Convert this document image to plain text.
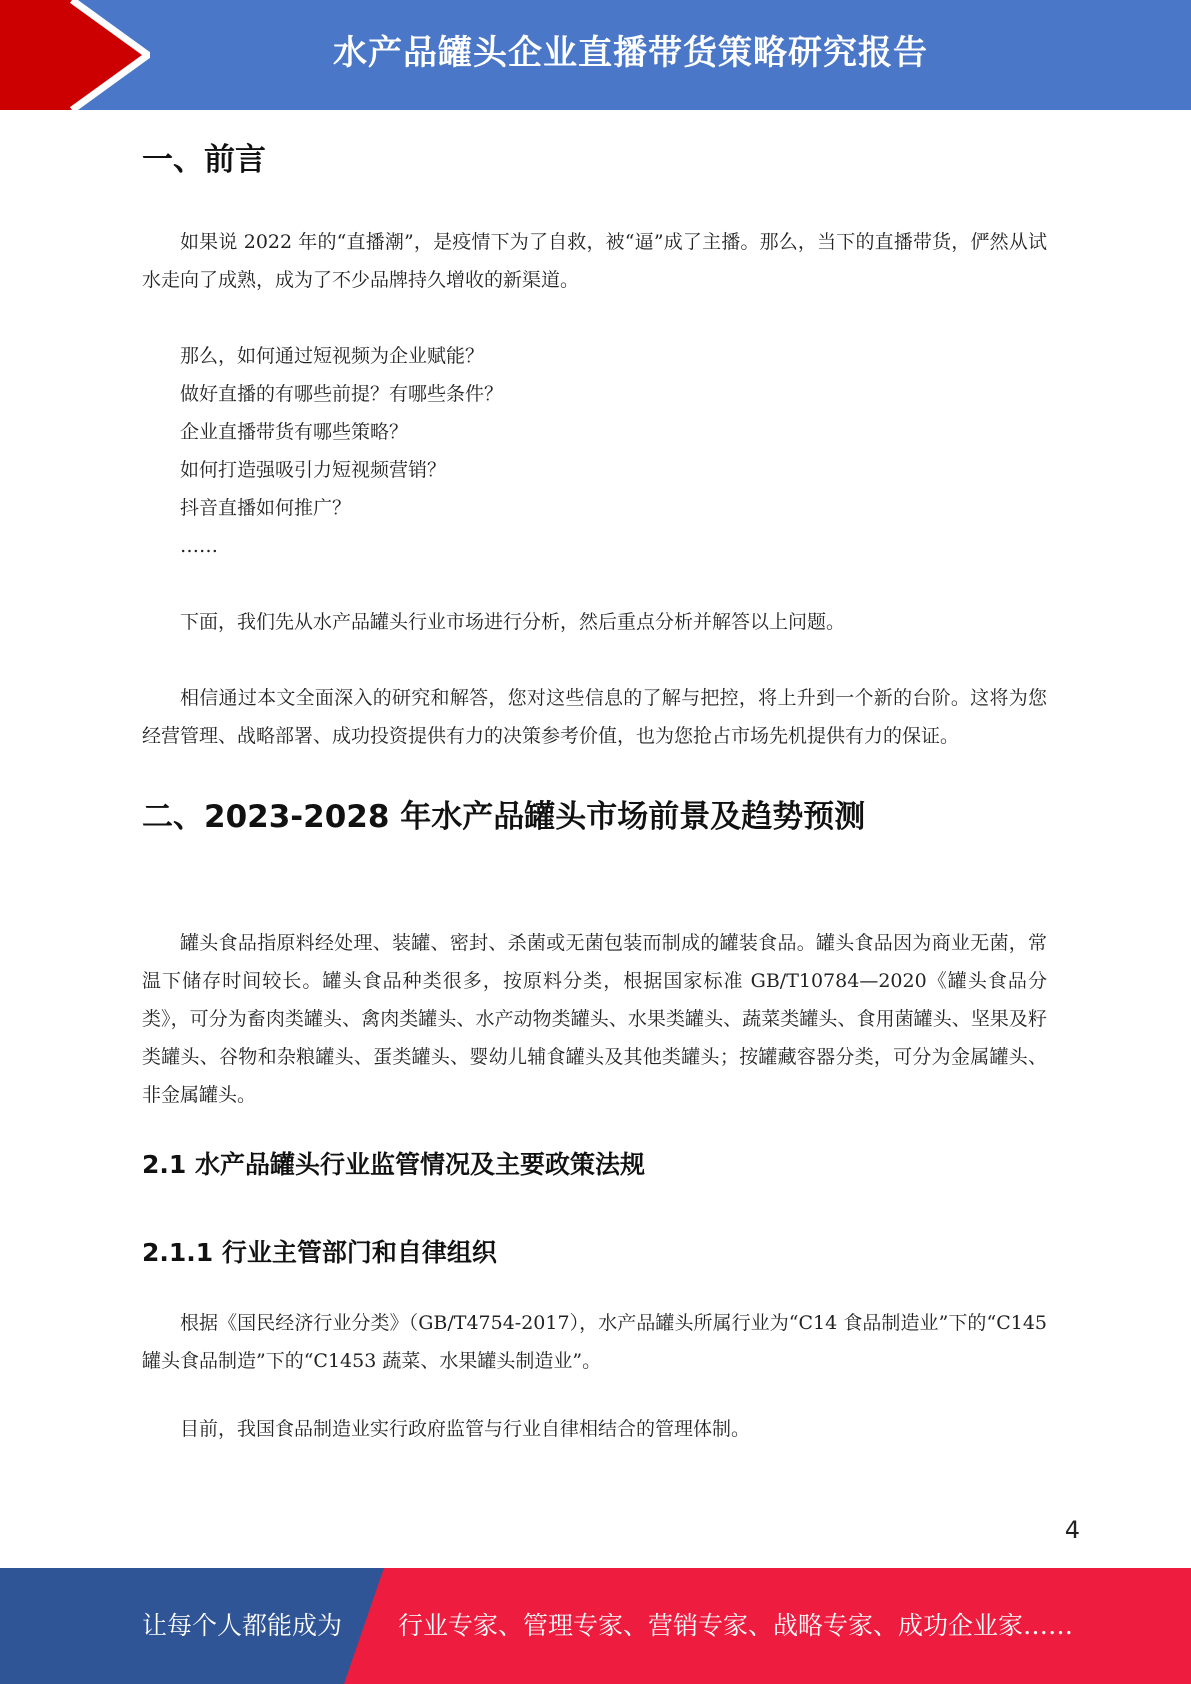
水产品罐头企业直播带货策略研究报告
一、前言

如果说 2022 年的“直播潮”，是疫情下为了自救，被“逼”成了主播。那么，当下的直播带货，俨然从试水走向了成熟，成为了不少品牌持久增收的新渠道。

那么，如何通过短视频为企业赋能？

做好直播的有哪些前提？有哪些条件？

企业直播带货有哪些策略？

如何打造强吸引力短视频营销？

抖音直播如何推广？

……

下面，我们先从水产品罐头行业市场进行分析，然后重点分析并解答以上问题。

相信通过本文全面深入的研究和解答，您对这些信息的了解与把控，将上升到一个新的台阶。这将为您经营管理、战略部署、成功投资提供有力的决策参考价值，也为您抢占市场先机提供有力的保证。

二、2023-2028 年水产品罐头市场前景及趋势预测

罐头食品指原料经处理、装罐、密封、杀菌或无菌包装而制成的罐装食品。罐头食品因为商业无菌，常温下储存时间较长。罐头食品种类很多，按原料分类，根据国家标准 GB/T10784—2020《罐头食品分类》，可分为畜肉类罐头、禽肉类罐头、水产动物类罐头、水果类罐头、蔬菜类罐头、食用菌罐头、坚果及籽类罐头、谷物和杂粮罐头、蛋类罐头、婴幼儿辅食罐头及其他类罐头；按罐藏容器分类，可分为金属罐头、非金属罐头。

2.1 水产品罐头行业监管情况及主要政策法规
2.1.1 行业主管部门和自律组织

根据《国民经济行业分类》（GB/T4754-2017），水产品罐头所属行业为“C14 食品制造业”下的“C145 罐头食品制造”下的“C1453 蔬菜、水果罐头制造业”。

目前，我国食品制造业实行政府监管与行业自律相结合的管理体制。

4
让每个人都能成为 行业专家、管理专家、营销专家、战略专家、成功企业家……
